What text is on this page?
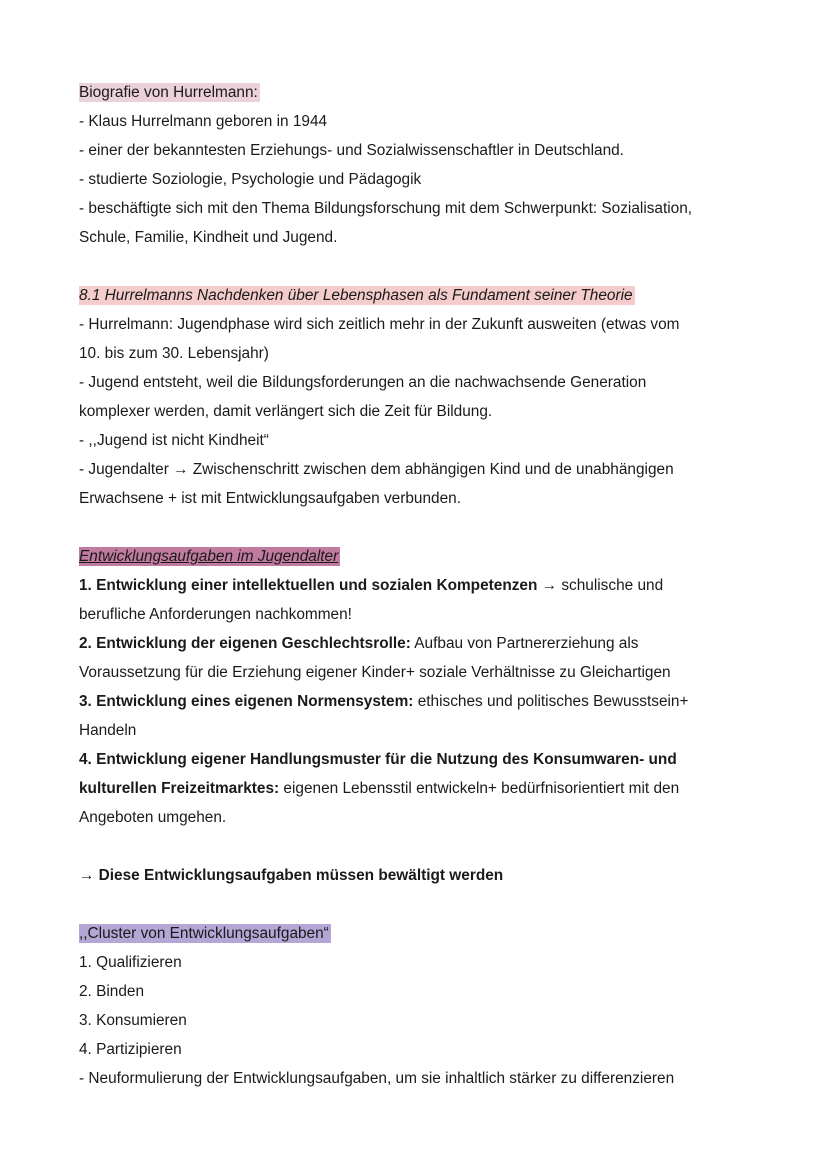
Biografie von Hurrelmann:
- Klaus Hurrelmann geboren in 1944
- einer der bekanntesten Erziehungs- und Sozialwissenschaftler in Deutschland.
- studierte Soziologie, Psychologie und Pädagogik
- beschäftigte sich mit den Thema Bildungsforschung mit dem Schwerpunkt: Sozialisation,
Schule, Familie, Kindheit und Jugend.
8.1 Hurrelmanns Nachdenken über Lebensphasen als Fundament seiner Theorie
- Hurrelmann: Jugendphase wird sich zeitlich mehr in der Zukunft ausweiten (etwas vom
10. bis zum 30. Lebensjahr)
- Jugend entsteht, weil die Bildungsforderungen an die nachwachsende Generation
komplexer werden, damit verlängert sich die Zeit für Bildung.
- ,,Jugend ist nicht Kindheit“
- Jugendalter → Zwischenschritt zwischen dem abhängigen Kind und de unabhängigen
Erwachsene + ist mit Entwicklungsaufgaben verbunden.
Entwicklungsaufgaben im Jugendalter
1. Entwicklung einer intellektuellen und sozialen Kompetenzen → schulische und
berufliche Anforderungen nachkommen!
2. Entwicklung der eigenen Geschlechtsrolle: Aufbau von Partnererziehung als
Voraussetzung für die Erziehung eigener Kinder+ soziale Verhältnisse zu Gleichartigen
3. Entwicklung eines eigenen Normensystem: ethisches und politisches Bewusstsein+
Handeln
4. Entwicklung eigener Handlungsmuster für die Nutzung des Konsumwaren- und
kulturellen Freizeitmarktes: eigenen Lebensstil entwickeln+ bedürfnisorientiert mit den
Angeboten umgehen.
→ Diese Entwicklungsaufgaben müssen bewältigt werden
,,Cluster von Entwicklungsaufgaben“
1. Qualifizieren
2. Binden
3. Konsumieren
4. Partizipieren
- Neuformulierung der Entwicklungsaufgaben, um sie inhaltlich stärker zu differenzieren
